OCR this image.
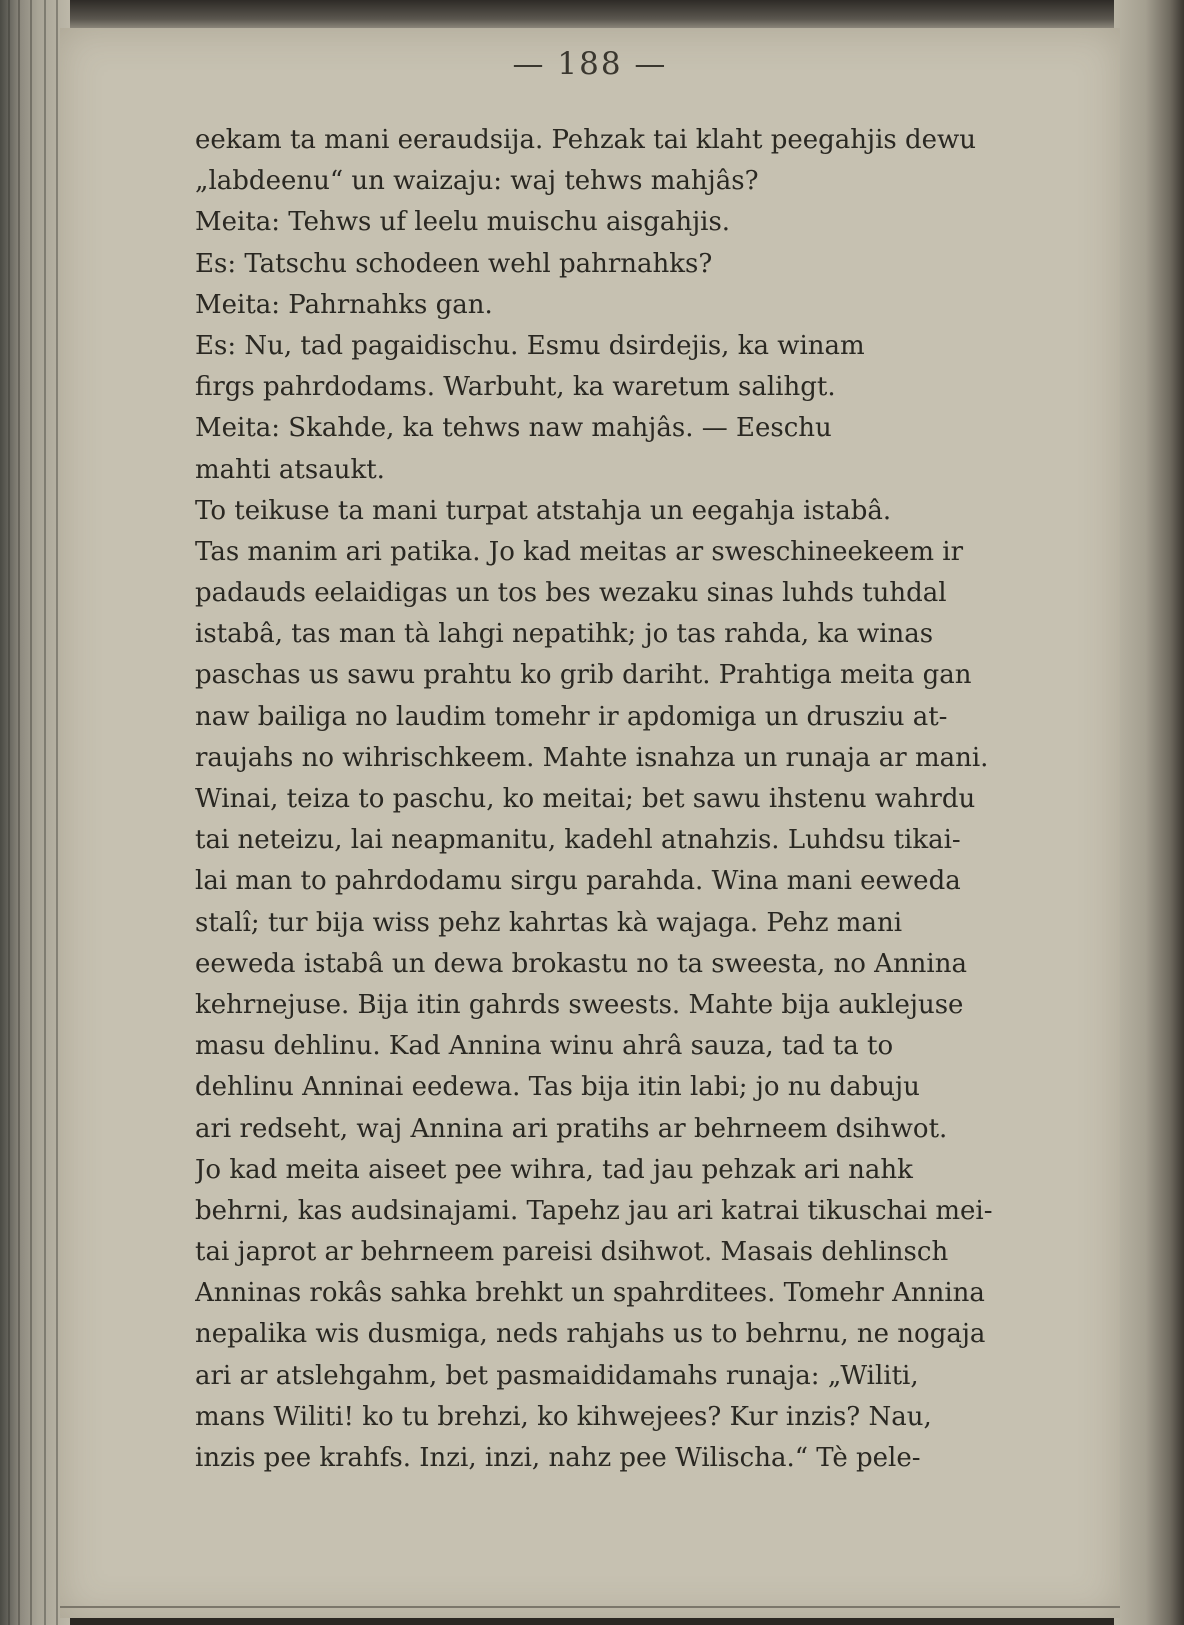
— 188 —
eekam ta mani eeraudsija. Pehzak tai klaht peegahjis dewu
„labdeenu“ un waizaju: waj tehws mahjâs?
Meita: Tehws uf leelu muischu aisgahjis.
Es: Tatschu schodeen wehl pahrnahks?
Meita: Pahrnahks gan.
Es: Nu, tad pagaidischu. Esmu dsirdejis, ka winam
firgs pahrdodams. Warbuht, ka waretum salihgt.
Meita: Skahde, ka tehws naw mahjâs. — Eeschu
mahti atsaukt.
To teikuse ta mani turpat atstahja un eegahja istabâ.
Tas manim ari patika. Jo kad meitas ar sweschineekeem ir
padauds eelaidigas un tos bes wezaku sinas luhds tuhdal
istabâ, tas man tà lahgi nepatihk; jo tas rahda, ka winas
paschas us sawu prahtu ko grib dariht. Prahtiga meita gan
naw bailiga no laudim tomehr ir apdomiga un drusziu at-
raujahs no wihrischkeem. Mahte isnahza un runaja ar mani.
Winai, teiza to paschu, ko meitai; bet sawu ihstenu wahrdu
tai neteizu, lai neapmanitu, kadehl atnahzis. Luhdsu tikai-
lai man to pahrdodamu sirgu parahda. Wina mani eeweda
stalî; tur bija wiss pehz kahrtas kà wajaga. Pehz mani
eeweda istabâ un dewa brokastu no ta sweesta, no Annina
kehrnejuse. Bija itin gahrds sweests. Mahte bija auklejuse
masu dehlinu. Kad Annina winu ahrâ sauza, tad ta to
dehlinu Anninai eedewa. Tas bija itin labi; jo nu dabuju
ari redseht, waj Annina ari pratihs ar behrneem dsihwot.
Jo kad meita aiseet pee wihra, tad jau pehzak ari nahk
behrni, kas audsinajami. Tapehz jau ari katrai tikuschai mei-
tai japrot ar behrneem pareisi dsihwot. Masais dehlinsch
Anninas rokâs sahka brehkt un spahrditees. Tomehr Annina
nepalika wis dusmiga, neds rahjahs us to behrnu, ne nogaja
ari ar atslehgahm, bet pasmaididamahs runaja: „Wiliti,
mans Wiliti! ko tu brehzi, ko kihwejees? Kur inzis? Nau,
inzis pee krahfs. Inzi, inzi, nahz pee Wilischa.“ Tè pele-
